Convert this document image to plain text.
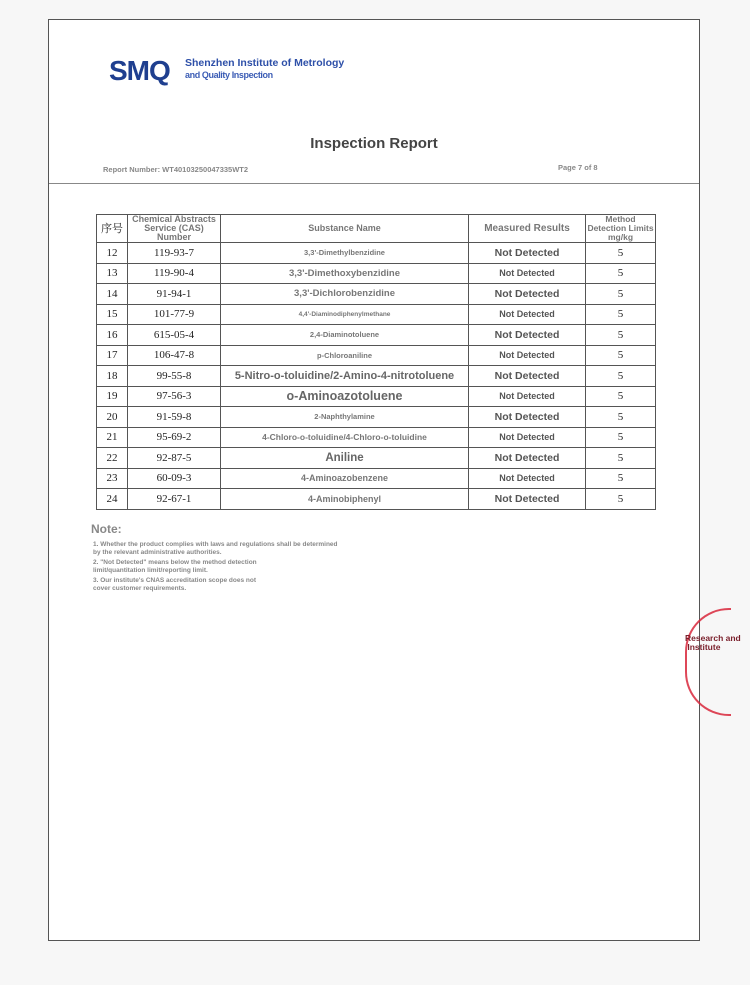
SMQ Shenzhen Institute of Metrology
and Quality Inspection
Inspection Report
Report Number: WT40103250047335WT2	Page 7 of 8
序号	Chemical Abstracts Service (CAS) Number	Substance Name	Measured Results	Method Detection Limits mg/kg
12	119-93-7	3,3'-Dimethylbenzidine	Not Detected	5
13	119-90-4	3,3'-Dimethoxybenzidine	Not Detected	5
14	91-94-1	3,3'-Dichlorobenzidine	Not Detected	5
15	101-77-9	4,4'-Diaminodiphenylmethane	Not Detected	5
16	615-05-4	2,4-Diaminotoluene	Not Detected	5
17	106-47-8	p-Chloroaniline	Not Detected	5
18	99-55-8	5-Nitro-o-toluidine/2-Amino-4-nitrotoluene	Not Detected	5
19	97-56-3	o-Aminoazotoluene	Not Detected	5
20	91-59-8	2-Naphthylamine	Not Detected	5
21	95-69-2	4-Chloro-o-toluidine/4-Chloro-o-toluidine	Not Detected	5
22	92-87-5	Aniline	Not Detected	5
23	60-09-3	4-Aminoazobenzene	Not Detected	5
24	92-67-1	4-Aminobiphenyl	Not Detected	5
Note:

1. Whether the product complies with laws and regulations shall be determined by the relevant administrative authorities.

2. "Not Detected" means below the method detection limit/quantitation limit/reporting limit.

3. Our institute's CNAS accreditation scope does not cover customer requirements.

Research and
Institute
